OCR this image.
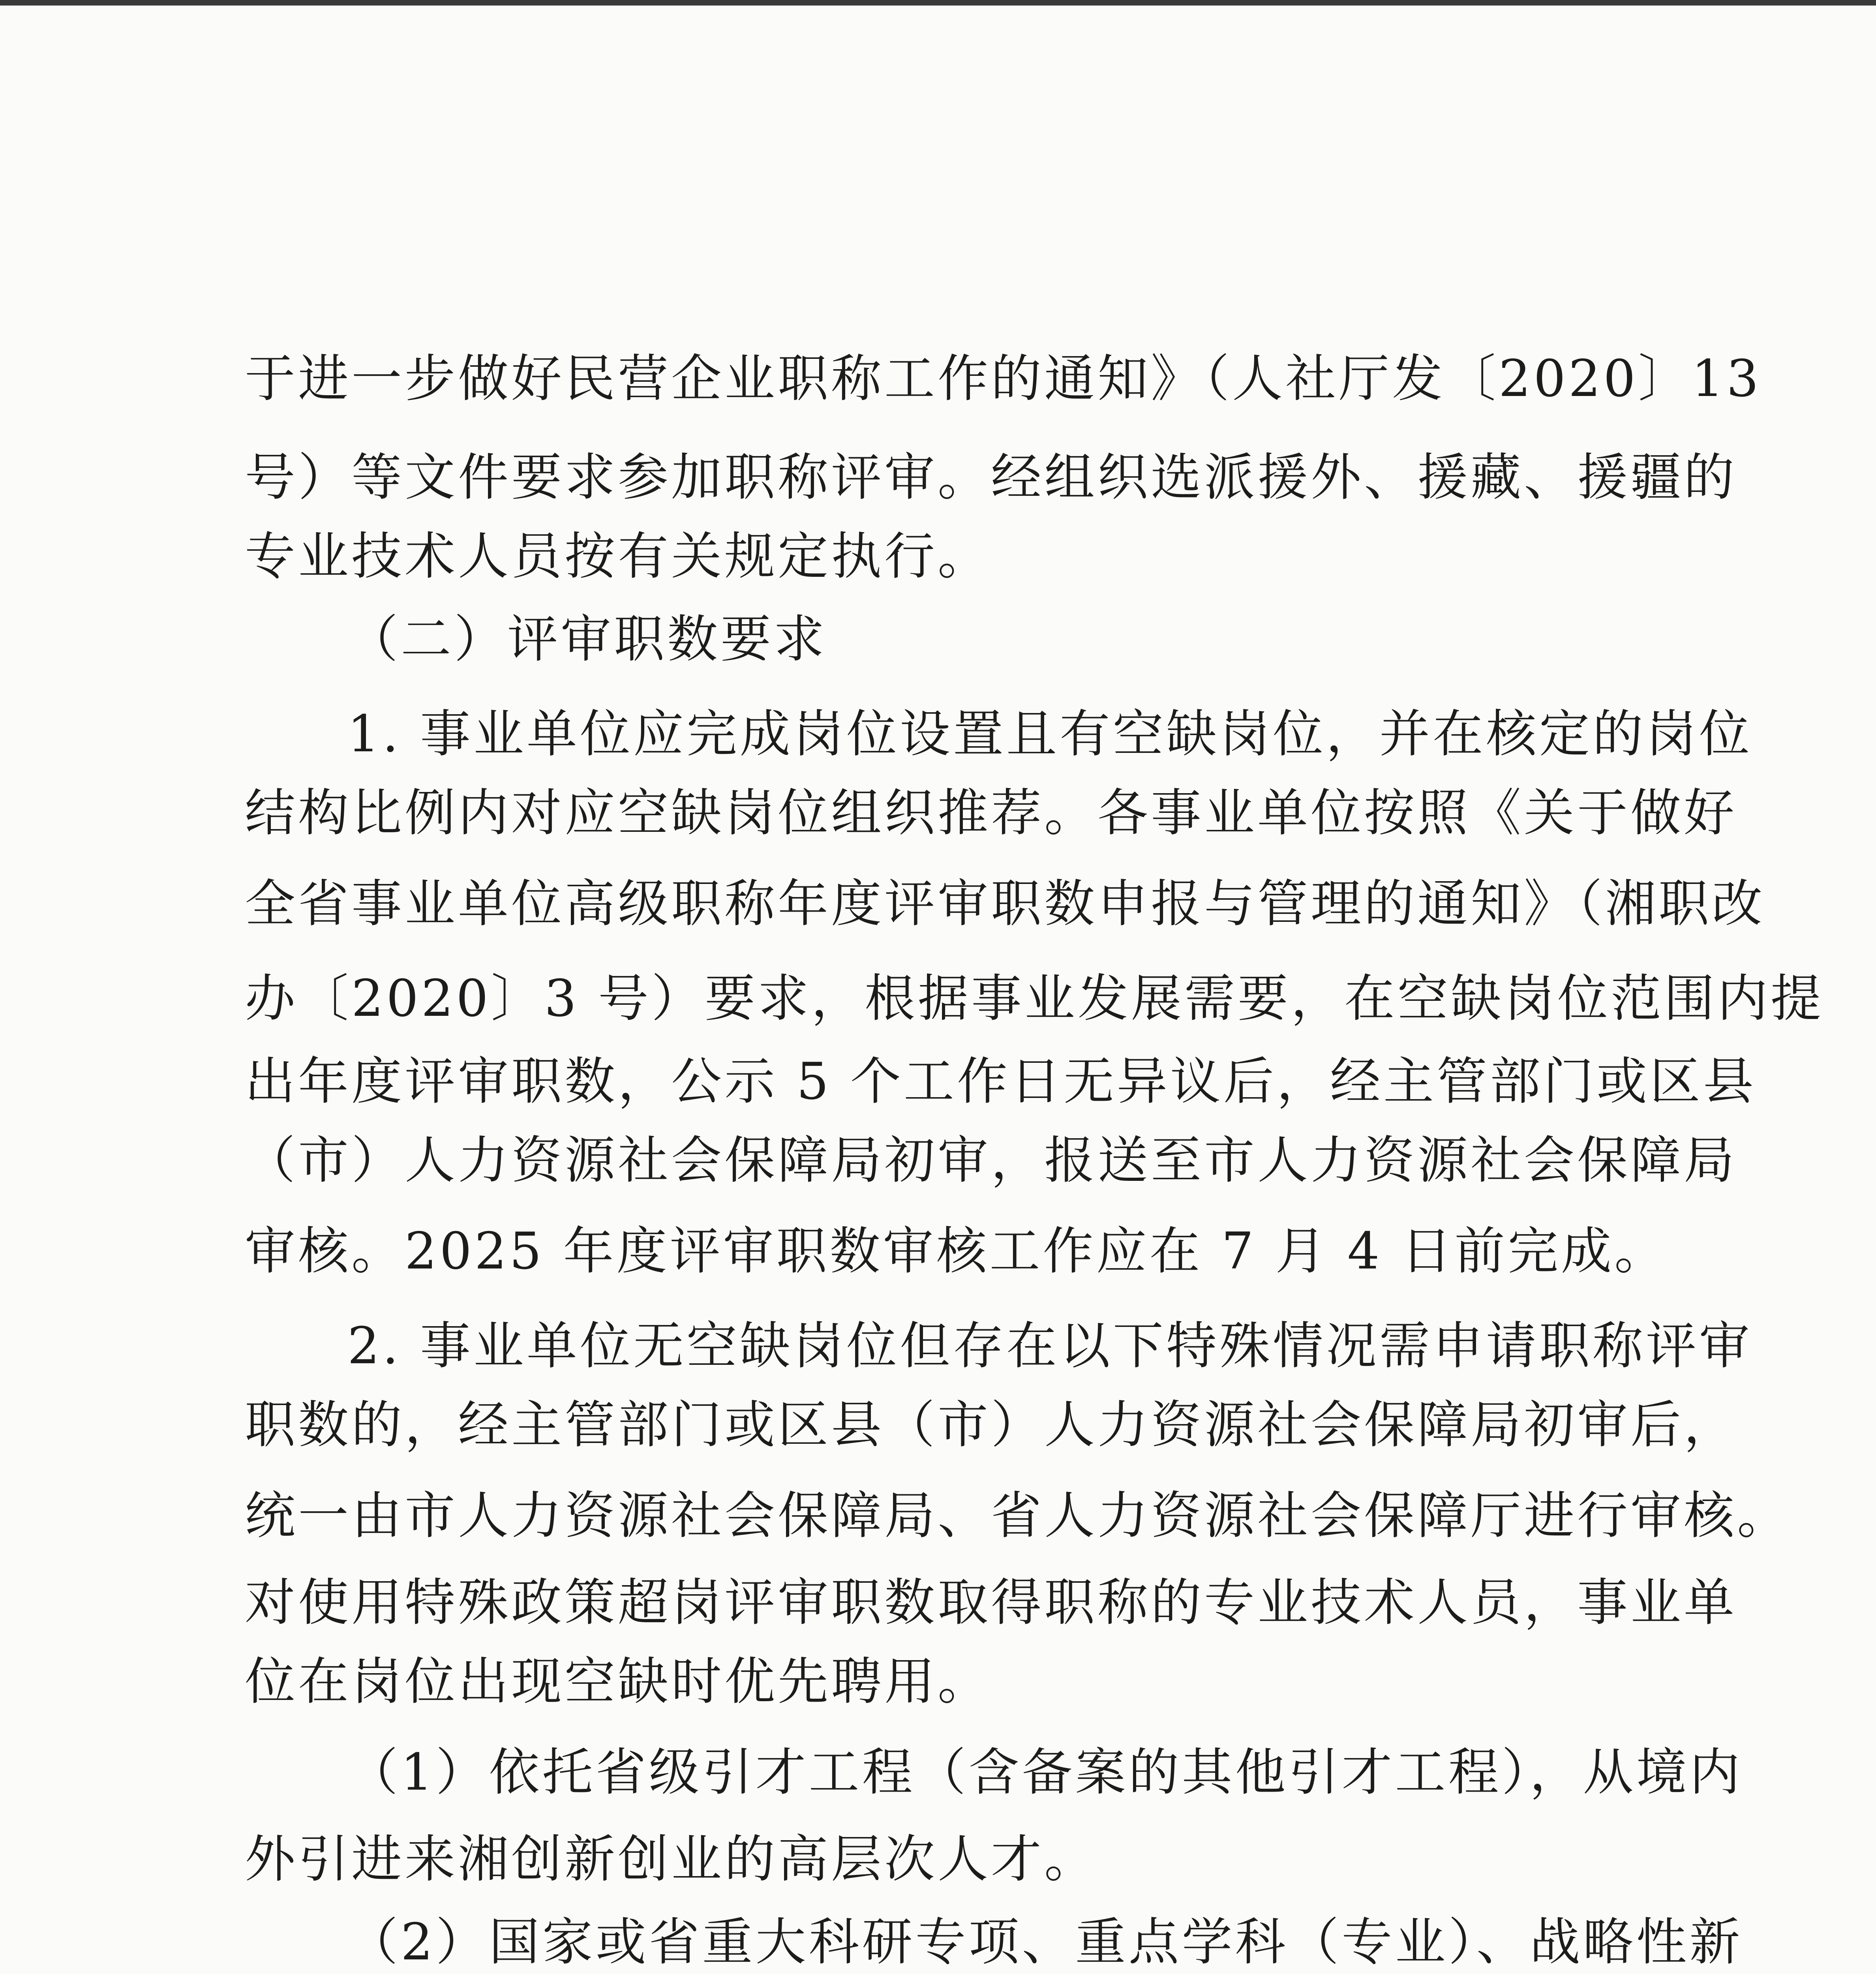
于进一步做好民营企业职称工作的通知》（人社厅发〔2020〕13
号）等文件要求参加职称评审。经组织选派援外、援藏、援疆的
专业技术人员按有关规定执行。
（二）评审职数要求
1. 事业单位应完成岗位设置且有空缺岗位，并在核定的岗位
结构比例内对应空缺岗位组织推荐。各事业单位按照《关于做好
全省事业单位高级职称年度评审职数申报与管理的通知》（湘职改
办〔2020〕3 号）要求，根据事业发展需要，在空缺岗位范围内提
出年度评审职数，公示 5 个工作日无异议后，经主管部门或区县
（市）人力资源社会保障局初审，报送至市人力资源社会保障局
审核。2025 年度评审职数审核工作应在 7 月 4 日前完成。
2. 事业单位无空缺岗位但存在以下特殊情况需申请职称评审
职数的，经主管部门或区县（市）人力资源社会保障局初审后，
统一由市人力资源社会保障局、省人力资源社会保障厅进行审核。
对使用特殊政策超岗评审职数取得职称的专业技术人员，事业单
位在岗位出现空缺时优先聘用。
（1）依托省级引才工程（含备案的其他引才工程），从境内
外引进来湘创新创业的高层次人才。
（2）国家或省重大科研专项、重点学科（专业）、战略性新
